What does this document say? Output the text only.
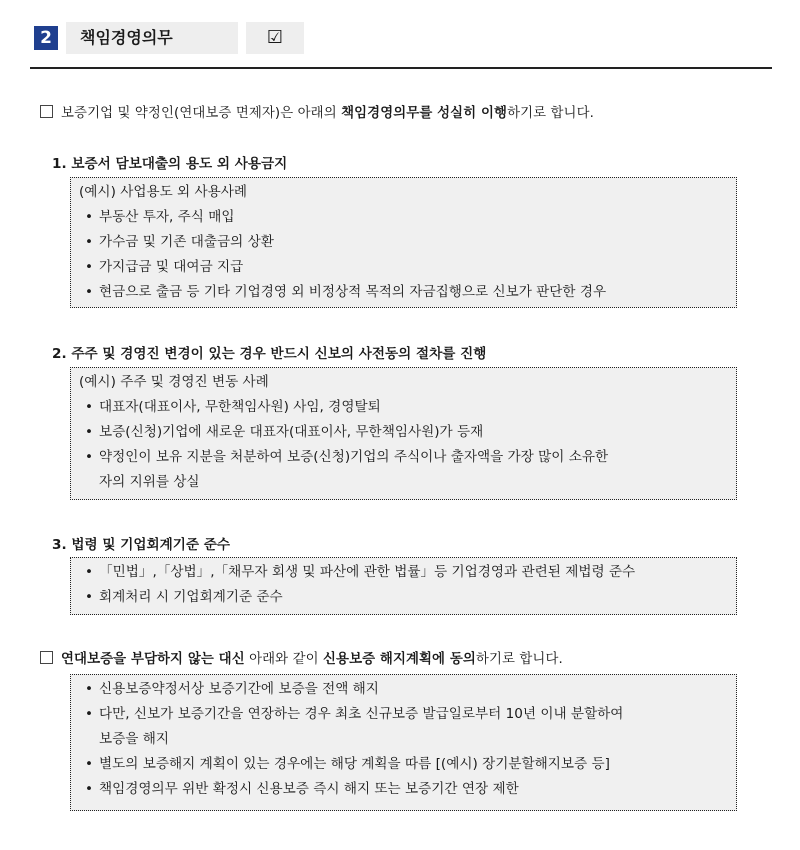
2	책임경영의무	☑
보증기업 및 약정인(연대보증 면제자)은 아래의 책임경영의무를 성실히 이행하기로 합니다.
1. 보증서 담보대출의 용도 외 사용금지
(예시) 사업용도 외 사용사례
• 부동산 투자, 주식 매입
• 가수금 및 기존 대출금의 상환
• 가지급금 및 대여금 지급
• 현금으로 출금 등 기타 기업경영 외 비정상적 목적의 자금집행으로 신보가 판단한 경우
2. 주주 및 경영진 변경이 있는 경우 반드시 신보의 사전동의 절차를 진행
(예시) 주주 및 경영진 변동 사례
• 대표자(대표이사, 무한책임사원) 사임, 경영탈퇴
• 보증(신청)기업에 새로운 대표자(대표이사, 무한책임사원)가 등재
• 약정인이 보유 지분을 처분하여 보증(신청)기업의 주식이나 출자액을 가장 많이 소유한
자의 지위를 상실
3. 법령 및 기업회계기준 준수
• 「민법」,「상법」,「채무자 회생 및 파산에 관한 법률」등 기업경영과 관련된 제법령 준수
• 회계처리 시 기업회계기준 준수
연대보증을 부담하지 않는 대신 아래와 같이 신용보증 해지계획에 동의하기로 합니다.
• 신용보증약정서상 보증기간에 보증을 전액 해지
• 다만, 신보가 보증기간을 연장하는 경우 최초 신규보증 발급일로부터 10년 이내 분할하여
보증을 해지
• 별도의 보증해지 계획이 있는 경우에는 해당 계획을 따름 [(예시) 장기분할해지보증 등]
• 책임경영의무 위반 확정시 신용보증 즉시 해지 또는 보증기간 연장 제한
